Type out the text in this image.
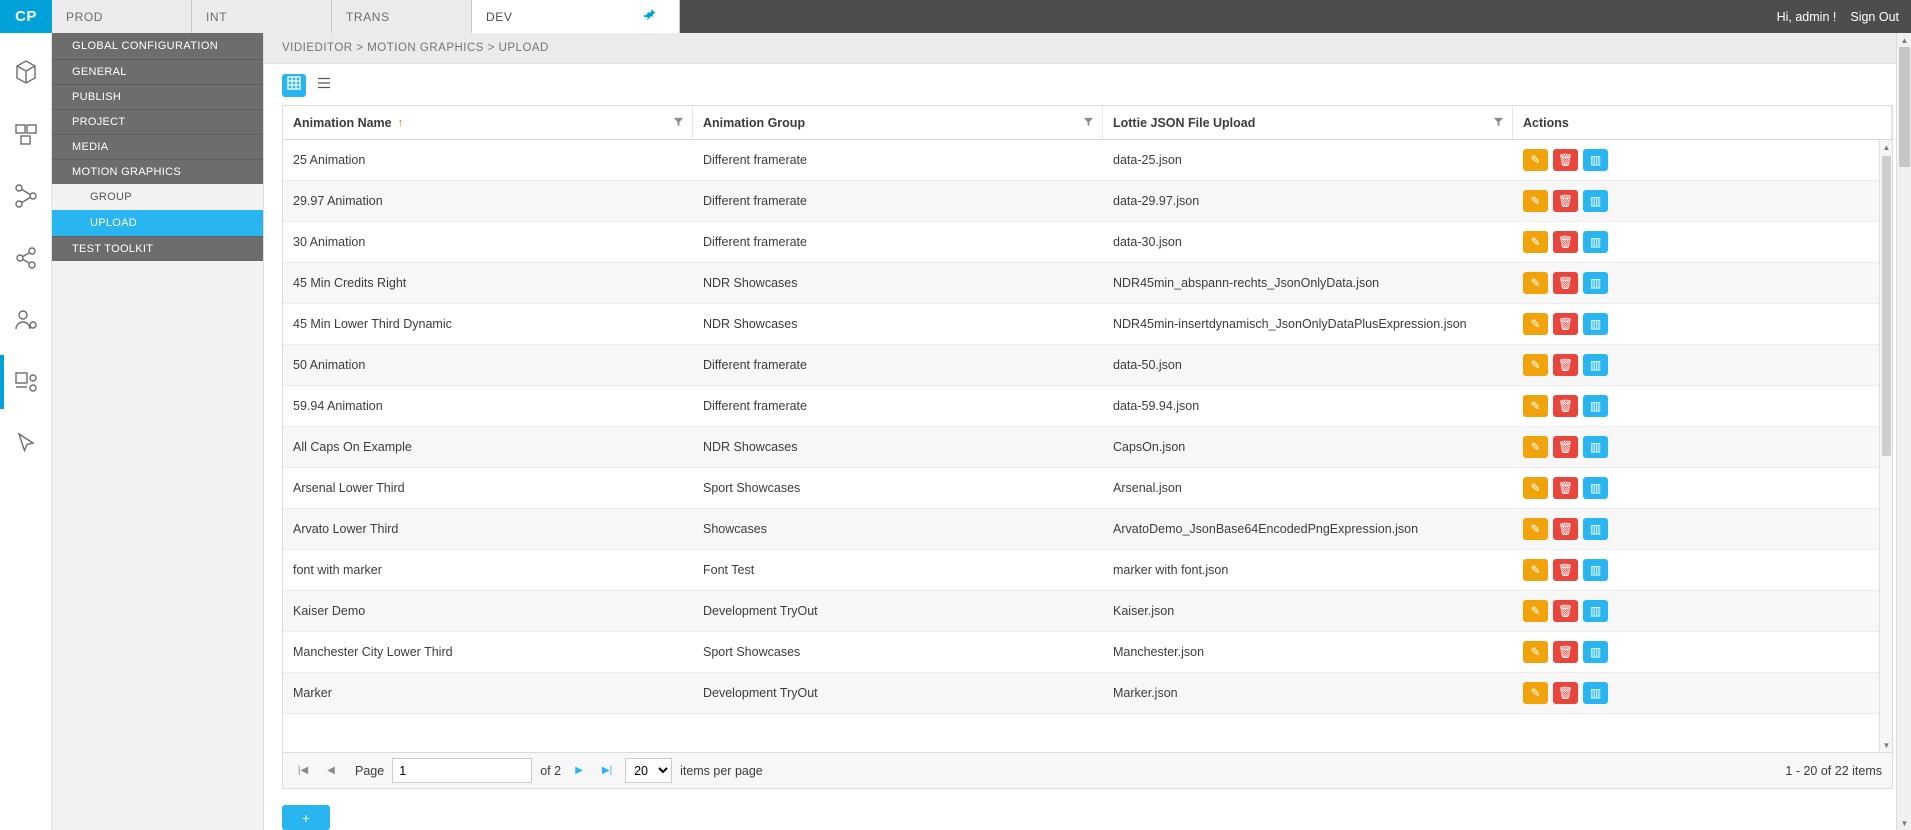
CP	PROD	INT	TRANS	DEV	Hi, admin ! Sign Out
GLOBAL CONFIGURATION
GENERAL
PUBLISH
PROJECT
MEDIA
MOTION GRAPHICS
GROUP
UPLOAD
TEST TOOLKIT
VIDIEDITOR > MOTION GRAPHICS > UPLOAD
Animation Name ↑	Animation Group	Lottie JSON File Upload	Actions
25 Animation	Different framerate	data-25.json	✎	🗑	▥
29.97 Animation	Different framerate	data-29.97.json	✎	🗑	▥
30 Animation	Different framerate	data-30.json	✎	🗑	▥
45 Min Credits Right	NDR Showcases	NDR45min_abspann-rechts_JsonOnlyData.json	✎	🗑	▥
45 Min Lower Third Dynamic	NDR Showcases	NDR45min-insertdynamisch_JsonOnlyDataPlusExpression.json	✎	🗑	▥
50 Animation	Different framerate	data-50.json	✎	🗑	▥
59.94 Animation	Different framerate	data-59.94.json	✎	🗑	▥
All Caps On Example	NDR Showcases	CapsOn.json	✎	🗑	▥
Arsenal Lower Third	Sport Showcases	Arsenal.json	✎	🗑	▥
Arvato Lower Third	Showcases	ArvatoDemo_JsonBase64EncodedPngExpression.json	✎	🗑	▥
font with marker	Font Test	marker with font.json	✎	🗑	▥
Kaiser Demo	Development TryOut	Kaiser.json	✎	🗑	▥
Manchester City Lower Third	Sport Showcases	Manchester.json	✎	🗑	▥
Marker	Development TryOut	Marker.json	✎	🗑	▥
▲
▼
|◀	◀	Page
1	of 2	▶	▶|
20	items per page	1 - 20 of 22 items
+
▲
▼
